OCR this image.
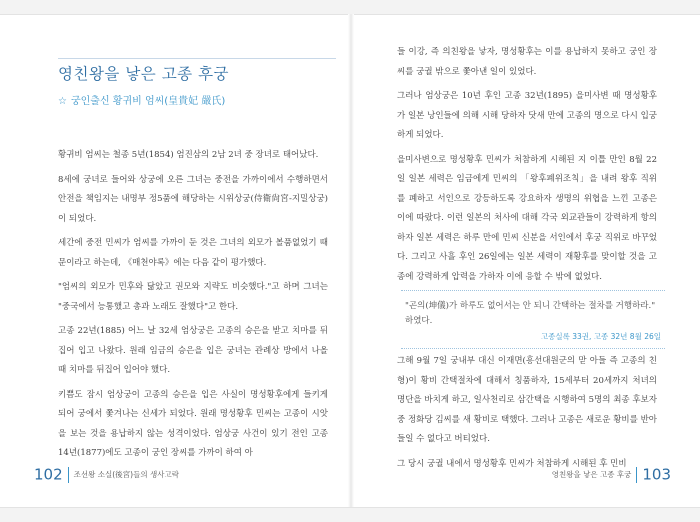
영친왕을 낳은 고종 후궁

☆ 궁인출신 황귀비 엄씨(皇貴妃 嚴氏)

황귀비 엄씨는 철종 5년(1854) 엄진삼의 2남 2녀 중 장녀로 태어났다.

8세에 궁녀로 들어와 상궁에 오른 그녀는 중전을 가까이에서 수행하면서 안전을 책임지는 내명부 정5품에 해당하는 시위상궁(侍衛尙宮-지밀상궁)이 되었다.

세간에 중전 민씨가 엄씨를 가까이 둔 것은 그녀의 외모가 볼품없었기 때문이라고 하는데, 《매천야록》에는 다음 같이 평가했다.

"엄씨의 외모가 민후와 닮았고 권모와 지략도 비슷했다."고 하며 그녀는 "중국에서 능통했고 총과 노래도 잘했다"고 한다.

고종 22년(1885) 어느 날 32세 엄상궁은 고종의 승은을 받고 치마를 뒤집어 입고 나왔다. 원래 임금의 승은을 입은 궁녀는 관례상 방에서 나올 때 치마를 뒤집어 입어야 했다.

키쁨도 잠시 엄상궁이 고종의 승은을 입은 사실이 명성황후에게 들키게 되어 궁에서 쫓겨나는 신세가 되었다. 원래 명성황후 민씨는 고종이 시앗을 보는 것을 용납하지 않는 성격이었다. 엄상궁 사건이 있기 전인 고종 14년(1877)에도 고종이 궁인 장씨를 가까이 하여 아

102 조선왕 소실(後宮)들의 생사고락

들 이강, 즉 의친왕을 낳자, 명성황후는 이를 용납하지 못하고 궁인 장씨를 궁궐 밖으로 쫓아낸 일이 있었다.

그러나 엄상궁은 10년 후인 고종 32년(1895) 을미사변 때 명성황후가 일본 낭인들에 의해 시해 당하자 닷새 만에 고종의 명으로 다시 입궁하게 되었다.

을미사변으로 명성황후 민씨가 처참하게 시해된 지 이틀 만인 8월 22일 일본 세력은 임금에게 민씨의 「왕후폐위조칙」을 내려 왕후 직위를 폐하고 서인으로 강등하도록 강요하자 생명의 위협을 느낀 고종은 이에 따랐다. 이런 일본의 처사에 대해 각국 외교관들이 강력하게 항의하자 일본 세력은 하루 만에 민씨 신분을 서인에서 후궁 직위로 바꾸었다. 그리고 사흘 후인 26일에는 일본 세력이 재황후를 맞이할 것을 고종에 강력하게 압력을 가하자 이에 응할 수 밖에 없었다.

"곤의(坤儀)가 하루도 없어서는 안 되니 간택하는 절차를 거행하라." 하였다.

고종실록 33권, 고종 32년 8월 26일

그해 9월 7일 궁내부 대신 이재면(흥선대원군의 맏 아들 즉 고종의 친형)이 황비 간택절차에 대해서 칭품하자, 15세부터 20세까지 처녀의 명단을 바치게 하고, 일사천리로 삼간택을 시행하여 5명의 최종 후보자 중 정화당 김씨를 새 황비로 택했다. 그러나 고종은 새로운 황비를 반아들일 수 없다고 버티었다.

그 당시 궁궐 내에서 명성황후 민씨가 처참하게 시해된 후 민비

영친왕을 낳은 고종 후궁 103
